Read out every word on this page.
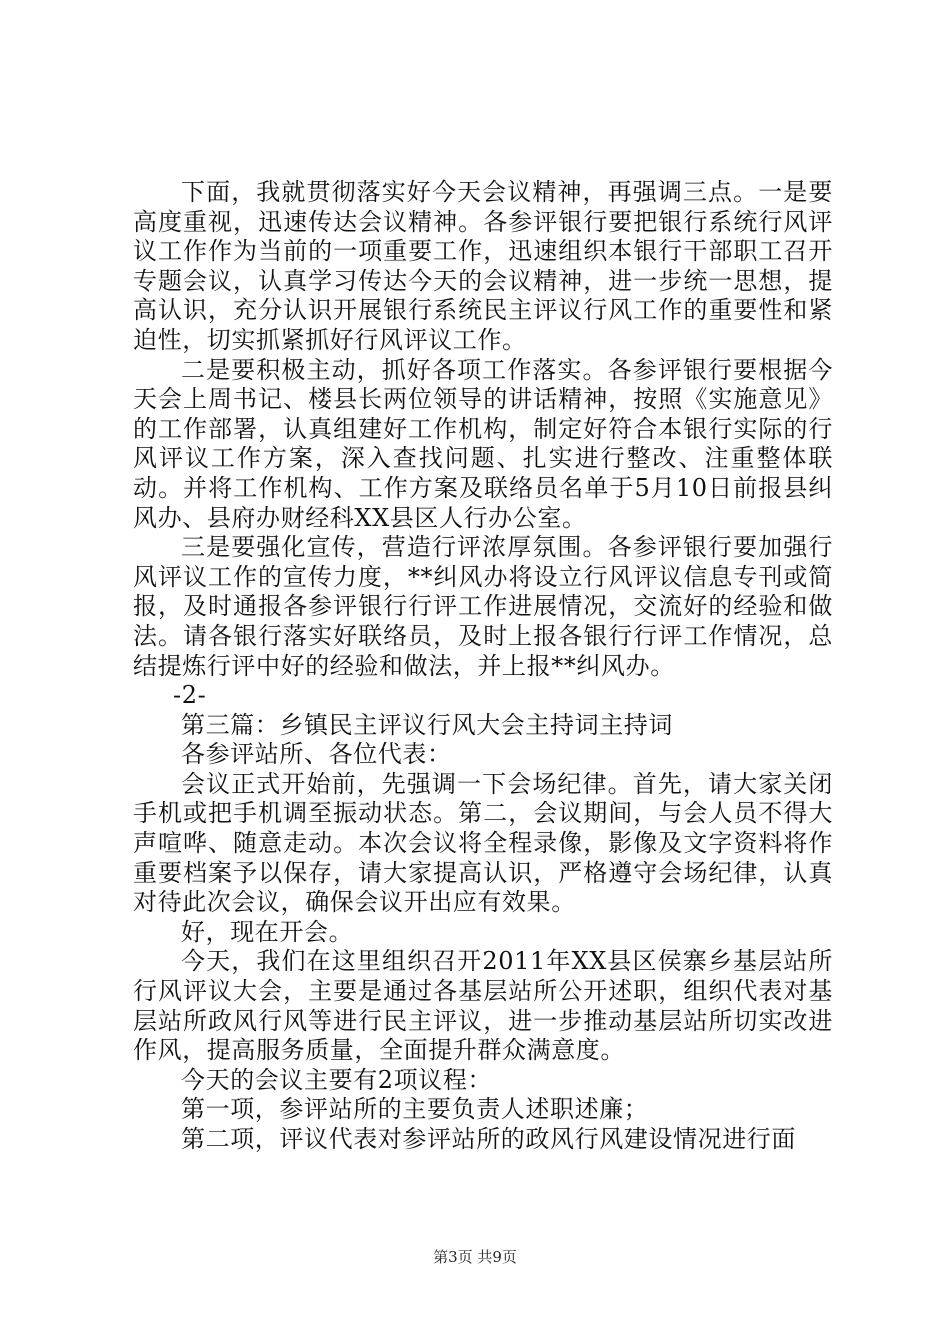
下面，我就贯彻落实好今天会议精神，再强调三点。一是要高度重视，迅速传达会议精神。各参评银行要把银行系统行风评议工作作为当前的一项重要工作，迅速组织本银行干部职工召开专题会议，认真学习传达今天的会议精神，进一步统一思想，提高认识，充分认识开展银行系统民主评议行风工作的重要性和紧迫性，切实抓紧抓好行风评议工作。

二是要积极主动，抓好各项工作落实。各参评银行要根据今天会上周书记、楼县长两位领导的讲话精神，按照《实施意见》的工作部署，认真组建好工作机构，制定好符合本银行实际的行风评议工作方案，深入查找问题、扎实进行整改、注重整体联动。并将工作机构、工作方案及联络员名单于5月10日前报县纠风办、县府办财经科XX县区人行办公室。

三是要强化宣传，营造行评浓厚氛围。各参评银行要加强行风评议工作的宣传力度，**纠风办将设立行风评议信息专刊或简报，及时通报各参评银行行评工作进展情况，交流好的经验和做法。请各银行落实好联络员，及时上报各银行行评工作情况，总结提炼行评中好的经验和做法，并上报**纠风办。

-2-

第三篇：乡镇民主评议行风大会主持词主持词

各参评站所、各位代表：

会议正式开始前，先强调一下会场纪律。首先，请大家关闭手机或把手机调至振动状态。第二，会议期间，与会人员不得大声喧哗、随意走动。本次会议将全程录像，影像及文字资料将作重要档案予以保存，请大家提高认识，严格遵守会场纪律，认真对待此次会议，确保会议开出应有效果。

好，现在开会。

今天，我们在这里组织召开2011年XX县区侯寨乡基层站所行风评议大会，主要是通过各基层站所公开述职，组织代表对基层站所政风行风等进行民主评议，进一步推动基层站所切实改进作风，提高服务质量，全面提升群众满意度。

今天的会议主要有2项议程：

第一项，参评站所的主要负责人述职述廉；

第二项，评议代表对参评站所的政风行风建设情况进行面

第3页 共9页
